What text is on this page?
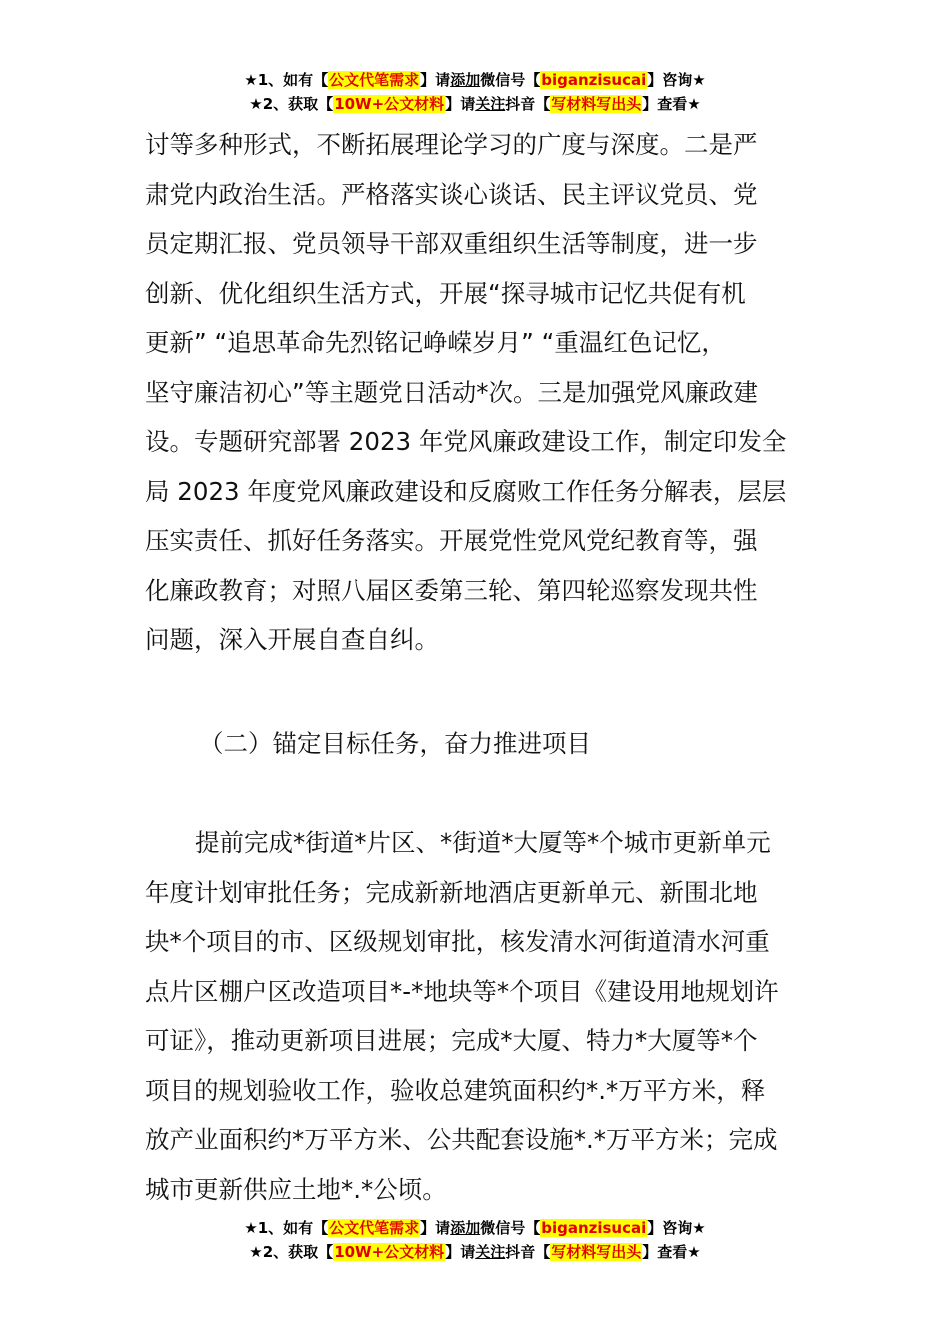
★1、如有【公文代笔需求】请添加微信号【biganzisucai】咨询★
★2、获取【10W+公文材料】请关注抖音【写材料写出头】查看★
讨等多种形式，不断拓展理论学习的广度与深度。二是严
肃党内政治生活。严格落实谈心谈话、民主评议党员、党
员定期汇报、党员领导干部双重组织生活等制度，进一步
创新、优化组织生活方式，开展“探寻城市记忆共促有机
更新” “追思革命先烈铭记峥嵘岁月” “重温红色记忆，
坚守廉洁初心”等主题党日活动*次。三是加强党风廉政建
设。专题研究部署 2023 年党风廉政建设工作，制定印发全
局 2023 年度党风廉政建设和反腐败工作任务分解表，层层
压实责任、抓好任务落实。开展党性党风党纪教育等，强
化廉政教育；对照八届区委第三轮、第四轮巡察发现共性
问题，深入开展自查自纠。
（二）锚定目标任务，奋力推进项目
提前完成*街道*片区、*街道*大厦等*个城市更新单元
年度计划审批任务；完成新新地酒店更新单元、新围北地
块*个项目的市、区级规划审批，核发清水河街道清水河重
点片区棚户区改造项目*-*地块等*个项目《建设用地规划许
可证》，推动更新项目进展；完成*大厦、特力*大厦等*个
项目的规划验收工作，验收总建筑面积约*.*万平方米，释
放产业面积约*万平方米、公共配套设施*.*万平方米；完成
城市更新供应土地*.*公顷。
★1、如有【公文代笔需求】请添加微信号【biganzisucai】咨询★
★2、获取【10W+公文材料】请关注抖音【写材料写出头】查看★
